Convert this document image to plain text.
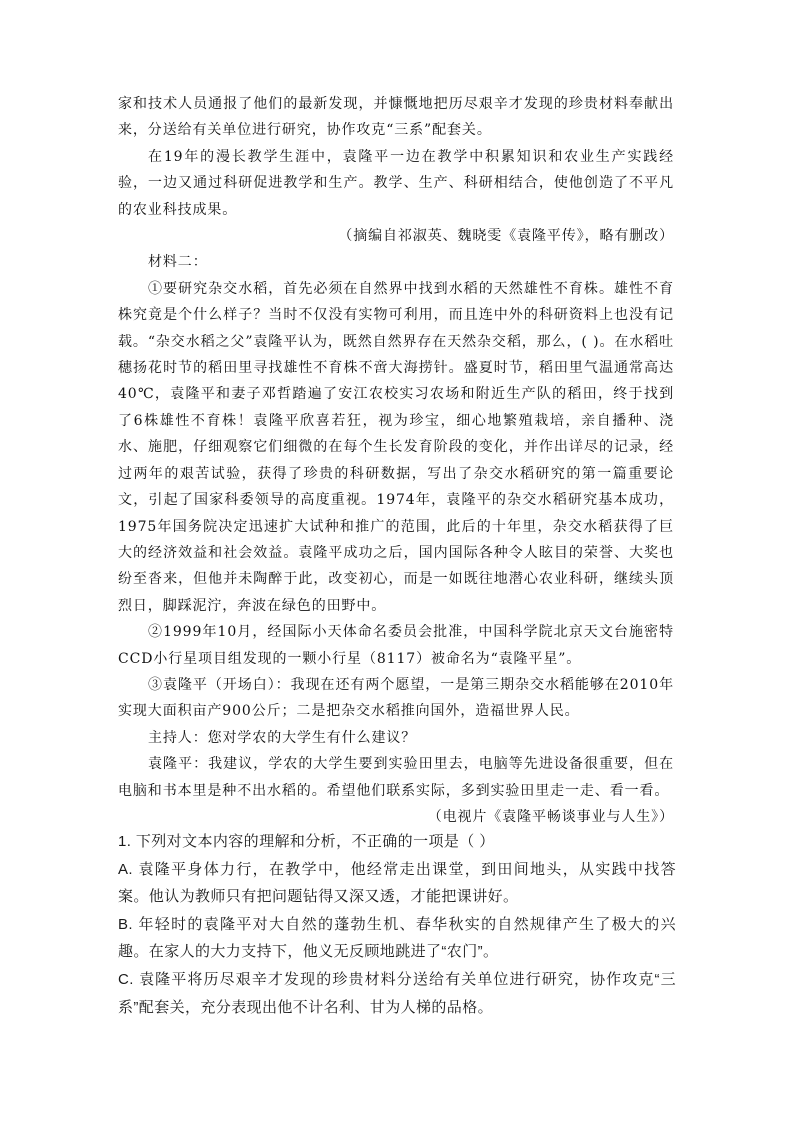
家和技术人员通报了他们的最新发现，并慷慨地把历尽艰辛才发现的珍贵材料奉献出来，分送给有关单位进行研究，协作攻克“三系”配套关。

在19年的漫长教学生涯中，袁隆平一边在教学中积累知识和农业生产实践经验，一边又通过科研促进教学和生产。教学、生产、科研相结合，使他创造了不平凡的农业科技成果。

（摘编自祁淑英、魏晓雯《袁隆平传》，略有删改）

材料二：

①要研究杂交水稻，首先必须在自然界中找到水稻的天然雄性不育株。雄性不育株究竟是个什么样子？当时不仅没有实物可利用，而且连中外的科研资料上也没有记载。“杂交水稻之父”袁隆平认为，既然自然界存在天然杂交稻，那么，( )。在水稻吐穗扬花时节的稻田里寻找雄性不育株不啻大海捞针。盛夏时节，稻田里气温通常高达40℃，袁隆平和妻子邓哲踏遍了安江农校实习农场和附近生产队的稻田，终于找到了6株雄性不育株！袁隆平欣喜若狂，视为珍宝，细心地繁殖栽培，亲自播种、浇水、施肥，仔细观察它们细微的在每个生长发育阶段的变化，并作出详尽的记录，经过两年的艰苦试验，获得了珍贵的科研数据，写出了杂交水稻研究的第一篇重要论文，引起了国家科委领导的高度重视。1974年，袁隆平的杂交水稻研究基本成功，1975年国务院决定迅速扩大试种和推广的范围，此后的十年里，杂交水稻获得了巨大的经济效益和社会效益。袁隆平成功之后，国内国际各种令人眩目的荣誉、大奖也纷至沓来，但他并未陶醉于此，改变初心，而是一如既往地潜心农业科研，继续头顶烈日，脚踩泥泞，奔波在绿色的田野中。

②1999年10月，经国际小天体命名委员会批准，中国科学院北京天文台施密特CCD小行星项目组发现的一颗小行星（8117）被命名为“袁隆平星”。

③袁隆平（开场白）：我现在还有两个愿望，一是第三期杂交水稻能够在2010年实现大面积亩产900公斤；二是把杂交水稻推向国外，造福世界人民。

主持人：您对学农的大学生有什么建议？

袁隆平：我建议，学农的大学生要到实验田里去，电脑等先进设备很重要，但在电脑和书本里是种不出水稻的。希望他们联系实际，多到实验田里走一走、看一看。

（电视片《袁隆平畅谈事业与人生》）

1. 下列对文本内容的理解和分析，不正确的一项是（ ）

A. 袁隆平身体力行，在教学中，他经常走出课堂，到田间地头，从实践中找答案。他认为教师只有把问题钻得又深又透，才能把课讲好。

B. 年轻时的袁隆平对大自然的蓬勃生机、春华秋实的自然规律产生了极大的兴趣。在家人的大力支持下，他义无反顾地跳进了“农门”。

C. 袁隆平将历尽艰辛才发现的珍贵材料分送给有关单位进行研究，协作攻克“三系”配套关，充分表现出他不计名利、甘为人梯的品格。
